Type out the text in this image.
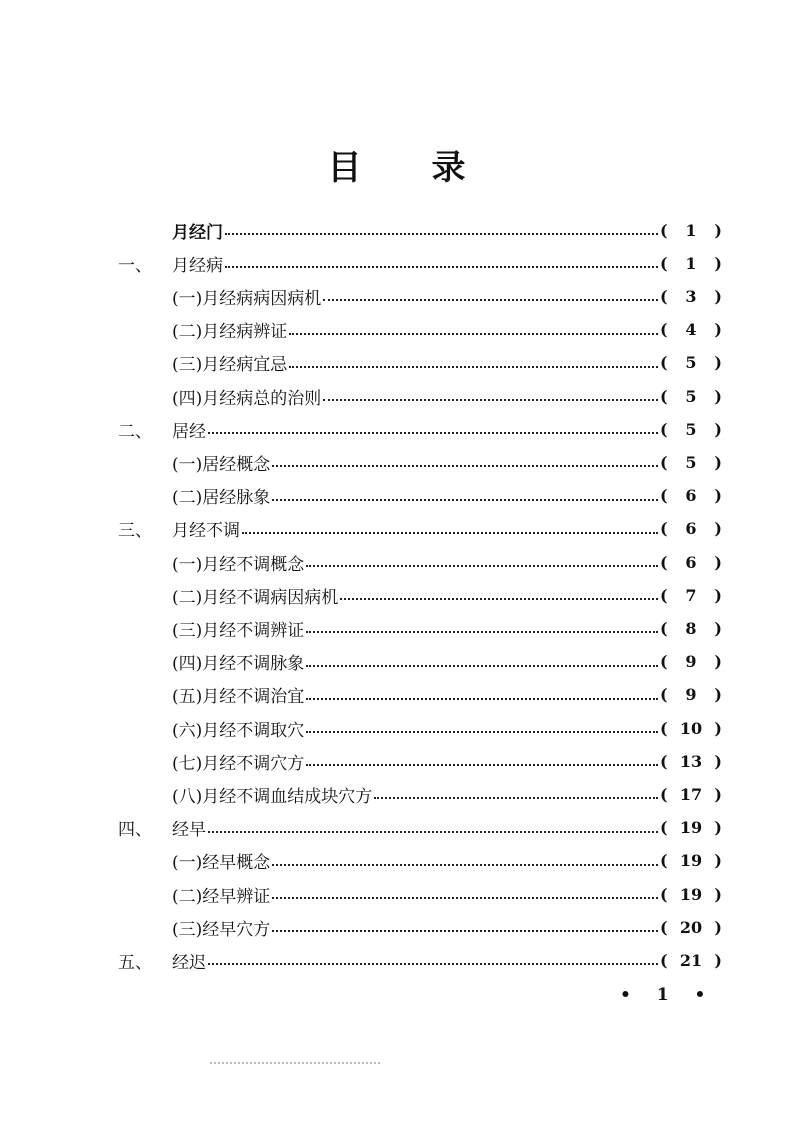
目 录
月经门	( 1 )
一、	月经病	( 1 )
(一)月经病病因病机	( 3 )
(二)月经病辨证	( 4 )
(三)月经病宜忌	( 5 )
(四)月经病总的治则	( 5 )
二、	居经	( 5 )
(一)居经概念	( 5 )
(二)居经脉象	( 6 )
三、	月经不调	( 6 )
(一)月经不调概念	( 6 )
(二)月经不调病因病机	( 7 )
(三)月经不调辨证	( 8 )
(四)月经不调脉象	( 9 )
(五)月经不调治宜	( 9 )
(六)月经不调取穴	( 10 )
(七)月经不调穴方	( 13 )
(八)月经不调血结成块穴方	( 17 )
四、	经早	( 19 )
(一)经早概念	( 19 )
(二)经早辨证	( 19 )
(三)经早穴方	( 20 )
五、	经迟	( 21 )
• 1 •
